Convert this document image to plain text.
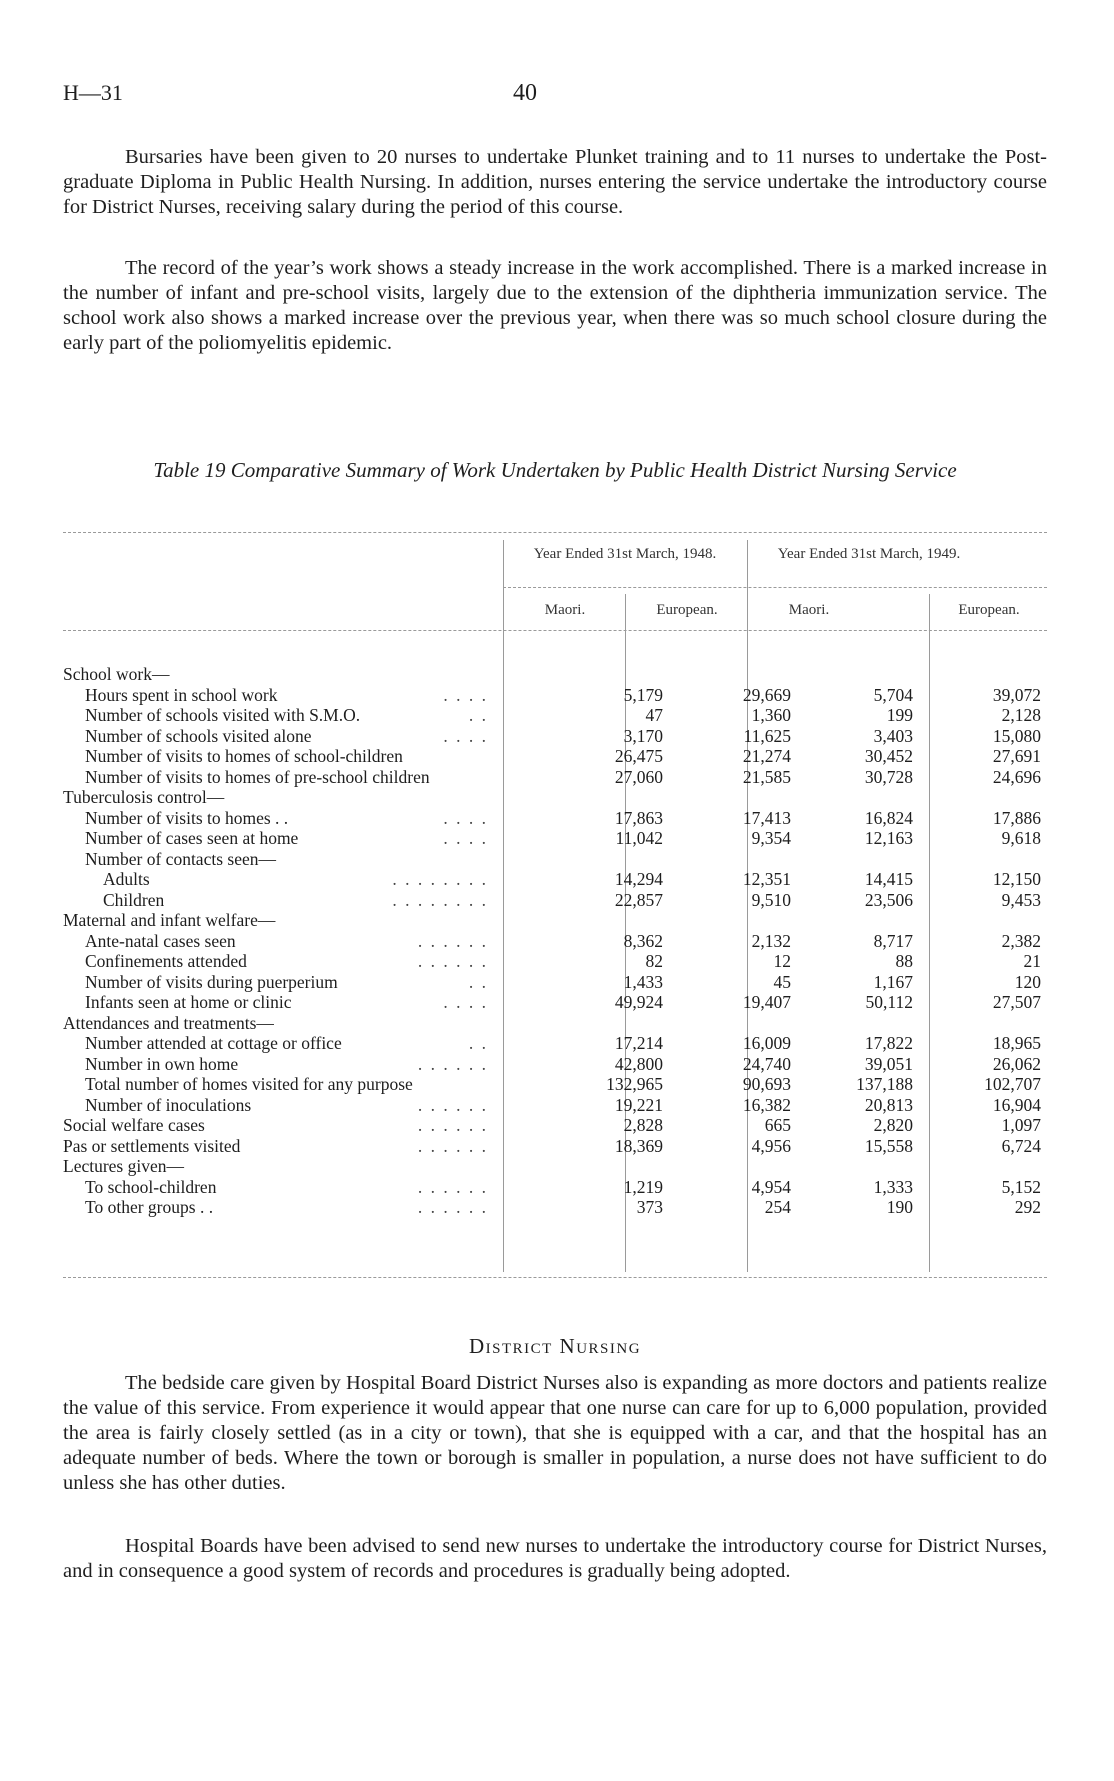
H—31	40

Bursaries have been given to 20 nurses to undertake Plunket training and to 11 nurses to undertake the Post-graduate Diploma in Public Health Nursing. In addition, nurses entering the service undertake the introductory course for District Nurses, receiving salary during the period of this course.

The record of the year’s work shows a steady increase in the work accomplished. There is a marked increase in the number of infant and pre-school visits, largely due to the extension of the diphtheria immunization service. The school work also shows a marked increase over the previous year, when there was so much school closure during the early part of the poliomyelitis epidemic.

Table 19 Comparative Summary of Work Undertaken by Public Health District Nursing Service
Year Ended 31st March, 1948.	Year Ended 31st March, 1949.
Maori.	European.	Maori.	European.
School work—
Hours spent in school work	. . . .	5,179	29,669	5,704	39,072
Number of schools visited with S.M.O.	. .	47	1,360	199	2,128
Number of schools visited alone	. . . .	3,170	11,625	3,403	15,080
Number of visits to homes of school-children	26,475	21,274	30,452	27,691
Number of visits to homes of pre-school children	27,060	21,585	30,728	24,696
Tuberculosis control—
Number of visits to homes . .	. . . .	17,863	17,413	16,824	17,886
Number of cases seen at home	. . . .	11,042	9,354	12,163	9,618
Number of contacts seen—
Adults	. . . . . . . .	14,294	12,351	14,415	12,150
Children	. . . . . . . .	22,857	9,510	23,506	9,453
Maternal and infant welfare—
Ante-natal cases seen	. . . . . .	8,362	2,132	8,717	2,382
Confinements attended	. . . . . .	82	12	88	21
Number of visits during puerperium	. .	1,433	45	1,167	120
Infants seen at home or clinic	. . . .	49,924	19,407	50,112	27,507
Attendances and treatments—
Number attended at cottage or office	. .	17,214	16,009	17,822	18,965
Number in own home	. . . . . .	42,800	24,740	39,051	26,062
Total number of homes visited for any purpose	132,965	90,693	137,188	102,707
Number of inoculations	. . . . . .	19,221	16,382	20,813	16,904
Social welfare cases	. . . . . .	2,828	665	2,820	1,097
Pas or settlements visited	. . . . . .	18,369	4,956	15,558	6,724
Lectures given—
To school-children	. . . . . .	1,219	4,954	1,333	5,152
To other groups . .	. . . . . .	373	254	190	292
District Nursing

The bedside care given by Hospital Board District Nurses also is expanding as more doctors and patients realize the value of this service. From experience it would appear that one nurse can care for up to 6,000 population, provided the area is fairly closely settled (as in a city or town), that she is equipped with a car, and that the hospital has an adequate number of beds. Where the town or borough is smaller in population, a nurse does not have sufficient to do unless she has other duties.

Hospital Boards have been advised to send new nurses to undertake the introductory course for District Nurses, and in consequence a good system of records and procedures is gradually being adopted.
